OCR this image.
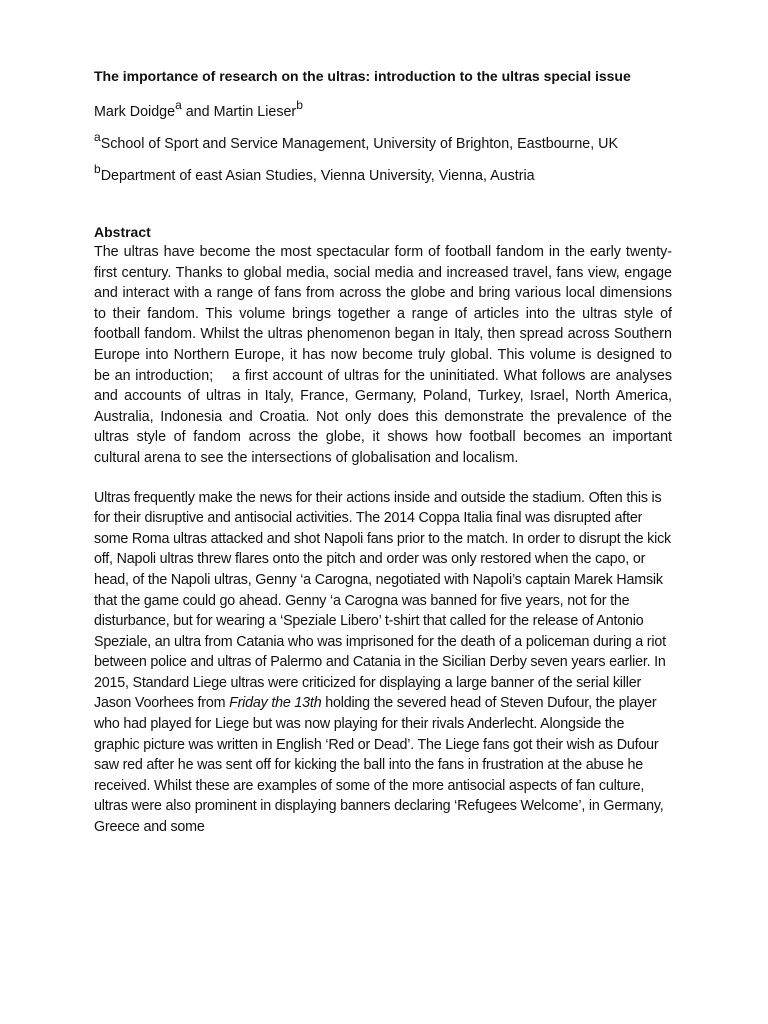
The importance of research on the ultras: introduction to the ultras special issue
Mark Doidge$^a$ and Martin Lieser$^b$
$^a$School of Sport and Service Management, University of Brighton, Eastbourne, UK
$^b$Department of east Asian Studies, Vienna University, Vienna, Austria
Abstract

The ultras have become the most spectacular form of football fandom in the early twenty-first century. Thanks to global media, social media and increased travel, fans view, engage and interact with a range of fans from across the globe and bring various local dimensions to their fandom. This volume brings together a range of articles into the ultras style of football fandom. Whilst the ultras phenomenon began in Italy, then spread across Southern Europe into Northern Europe, it has now become truly global. This volume is designed to be an introduction;    a first account of ultras for the uninitiated. What follows are analyses and accounts of ultras in Italy, France, Germany, Poland, Turkey, Israel, North America, Australia, Indonesia and Croatia. Not only does this demonstrate the prevalence of the ultras style of fandom across the globe, it shows how football becomes an important cultural arena to see the intersections of globalisation and localism.

Ultras frequently make the news for their actions inside and outside the stadium. Often this is for their disruptive and antisocial activities. The 2014 Coppa Italia final was disrupted after some Roma ultras attacked and shot Napoli fans prior to the match. In order to disrupt the kick off, Napoli ultras threw flares onto the pitch and order was only restored when the capo, or head, of the Napoli ultras, Genny ‘a Carogna, negotiated with Napoli’s captain Marek Hamsik that the game could go ahead. Genny ‘a Carogna was banned for five years, not for the disturbance, but for wearing a ‘Speziale Libero’ t-shirt that called for the release of Antonio Speziale, an ultra from Catania who was imprisoned for the death of a policeman during a riot between police and ultras of Palermo and Catania in the Sicilian Derby seven years earlier. In 2015, Standard Liege ultras were criticized for displaying a large banner of the serial killer Jason Voorhees from Friday the 13th holding the severed head of Steven Dufour, the player who had played for Liege but was now playing for their rivals Anderlecht. Alongside the graphic picture was written in English ‘Red or Dead’. The Liege fans got their wish as Dufour saw red after he was sent off for kicking the ball into the fans in frustration at the abuse he received. Whilst these are examples of some of the more antisocial aspects of fan culture, ultras were also prominent in displaying banners declaring ‘Refugees Welcome’, in Germany, Greece and some
